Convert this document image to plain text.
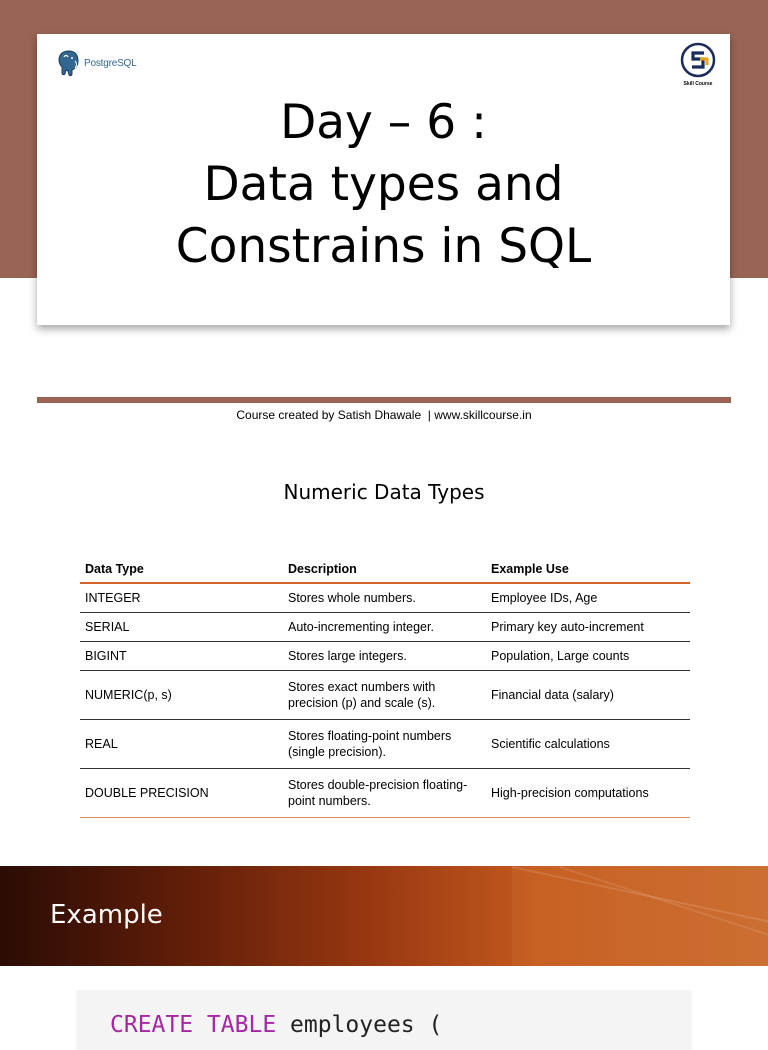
PostgreSQL
Skill Course
Day – 6 :
Data types and
Constrains in SQL
Course created by Satish Dhawale  | www.skillcourse.in
Numeric Data Types
Data Type	Description	Example Use
INTEGER	Stores whole numbers.	Employee IDs, Age
SERIAL	Auto-incrementing integer.	Primary key auto-increment
BIGINT	Stores large integers.	Population, Large counts
NUMERIC(p, s)	Stores exact numbers with precision (p) and scale (s).	Financial data (salary)
REAL	Stores floating-point numbers (single precision).	Scientific calculations
DOUBLE PRECISION	Stores double-precision floating-point numbers.	High-precision computations
Example
CREATE TABLE employees (
